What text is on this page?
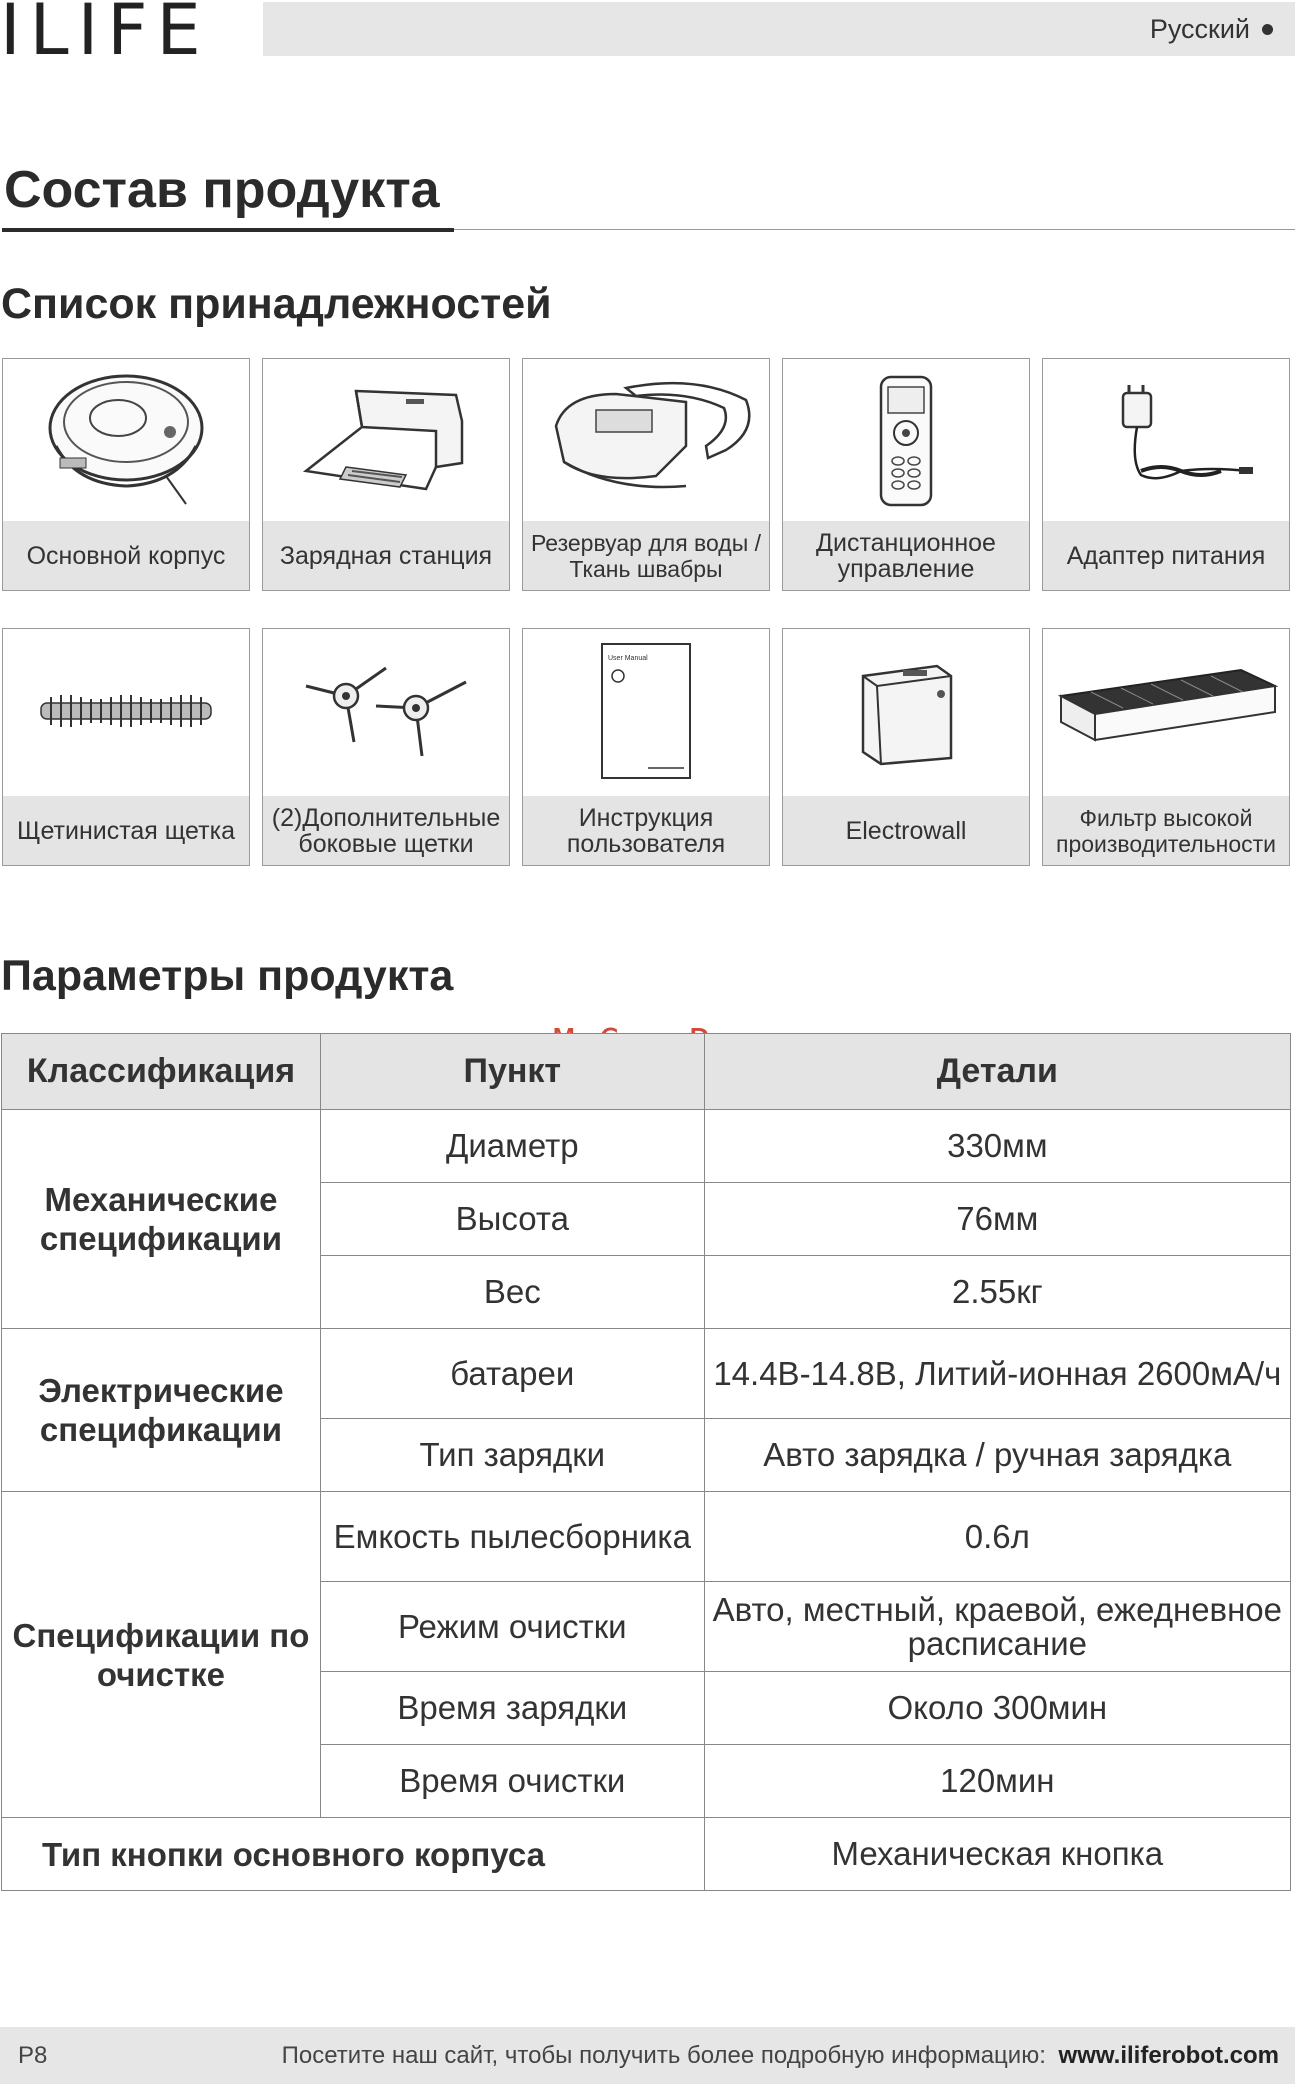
ILIFE	Русский
Состав продукта
Список принадлежностей
Основной корпус	Зарядная станция	Резервуар для воды /Ткань швабры
Дистанционное управление	Адаптер питания
Щетинистая щетка	(2)Дополнительные боковые щетки
User Manual
Инструкция пользователя	Electrowall	Фильтр высокой производительности
Параметры продукта
Классификация	Пункт	Детали
Механические спецификации	Диаметр	330мм
	Высота	76мм
	Вес	2.55кг
Электрические спецификации	батареи	14.4В-14.8В, Литий-ионная 2600мА/ч
	Тип зарядки	Авто зарядка / ручная зарядка
Спецификации по очистке	Емкость пылесборника	0.6л
	Режим очистки	Авто, местный, краевой, ежедневное расписание
	Время зарядки	Около 300мин
	Время очистки	120мин
Тип кнопки основного корпуса		Механическая кнопка
P8	Посетите наш сайт, чтобы получить более подробную информацию: www.iliferobot.com
